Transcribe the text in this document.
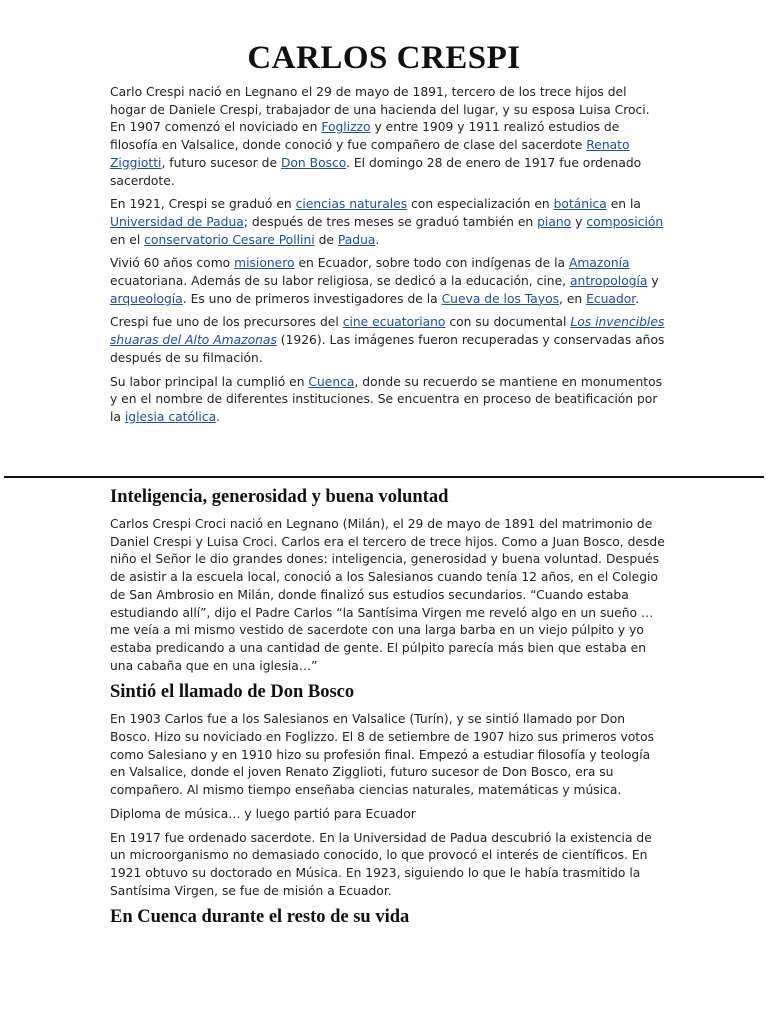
CARLOS CRESPI

Carlo Crespi nació en Legnano el 29 de mayo de 1891, tercero de los trece hijos del hogar de Daniele Crespi, trabajador de una hacienda del lugar, y su esposa Luisa Croci. En 1907 comenzó el noviciado en Foglizzo y entre 1909 y 1911 realizó estudios de filosofía en Valsalice, donde conoció y fue compañero de clase del sacerdote Renato Ziggiotti, futuro sucesor de Don Bosco. El domingo 28 de enero de 1917 fue ordenado sacerdote.

En 1921, Crespi se graduó en ciencias naturales con especialización en botánica en la Universidad de Padua; después de tres meses se graduó también en piano y composición en el conservatorio Cesare Pollini de Padua.

Vivió 60 años como misionero en Ecuador, sobre todo con indígenas de la Amazonía ecuatoriana. Además de su labor religiosa, se dedicó a la educación, cine, antropología y arqueología. Es uno de primeros investigadores de la Cueva de los Tayos, en Ecuador.

Crespi fue uno de los precursores del cine ecuatoriano con su documental Los invencibles shuaras del Alto Amazonas (1926). Las imágenes fueron recuperadas y conservadas años después de su filmación.

Su labor principal la cumplió en Cuenca, donde su recuerdo se mantiene en monumentos y en el nombre de diferentes instituciones. Se encuentra en proceso de beatificación por la iglesia católica.

Inteligencia, generosidad y buena voluntad

Carlos Crespi Croci nació en Legnano (Milán), el 29 de mayo de 1891 del matrimonio de Daniel Crespi y Luisa Croci. Carlos era el tercero de trece hijos. Como a Juan Bosco, desde niño el Señor le dio grandes dones: inteligencia, generosidad y buena voluntad. Después de asistir a la escuela local, conoció a los Salesianos cuando tenía 12 años, en el Colegio de San Ambrosio en Milán, donde finalizó sus estudios secundarios. “Cuando estaba estudiando allí”, dijo el Padre Carlos “la Santísima Virgen me reveló algo en un sueño … me veía a mi mismo vestido de sacerdote con una larga barba en un viejo púlpito y yo estaba predicando a una cantidad de gente. El púlpito parecía más bien que estaba en una cabaña que en una iglesia…”

Sintió el llamado de Don Bosco

En 1903 Carlos fue a los Salesianos en Valsalice (Turín), y se sintió llamado por Don Bosco. Hizo su noviciado en Foglizzo. El 8 de setiembre de 1907 hizo sus primeros votos como Salesiano y en 1910 hizo su profesión final. Empezó a estudiar filosofía y teología en Valsalice, donde el joven Renato Zigglioti, futuro sucesor de Don Bosco, era su compañero. Al mismo tiempo enseñaba ciencias naturales, matemáticas y música.

Diploma de música… y luego partió para Ecuador

En 1917 fue ordenado sacerdote. En la Universidad de Padua descubrió la existencia de un microorganismo no demasiado conocido, lo que provocó el interés de científicos. En 1921 obtuvo su doctorado en Música. En 1923, siguiendo lo que le había trasmitido la Santísima Virgen, se fue de misión a Ecuador.

En Cuenca durante el resto de su vida
